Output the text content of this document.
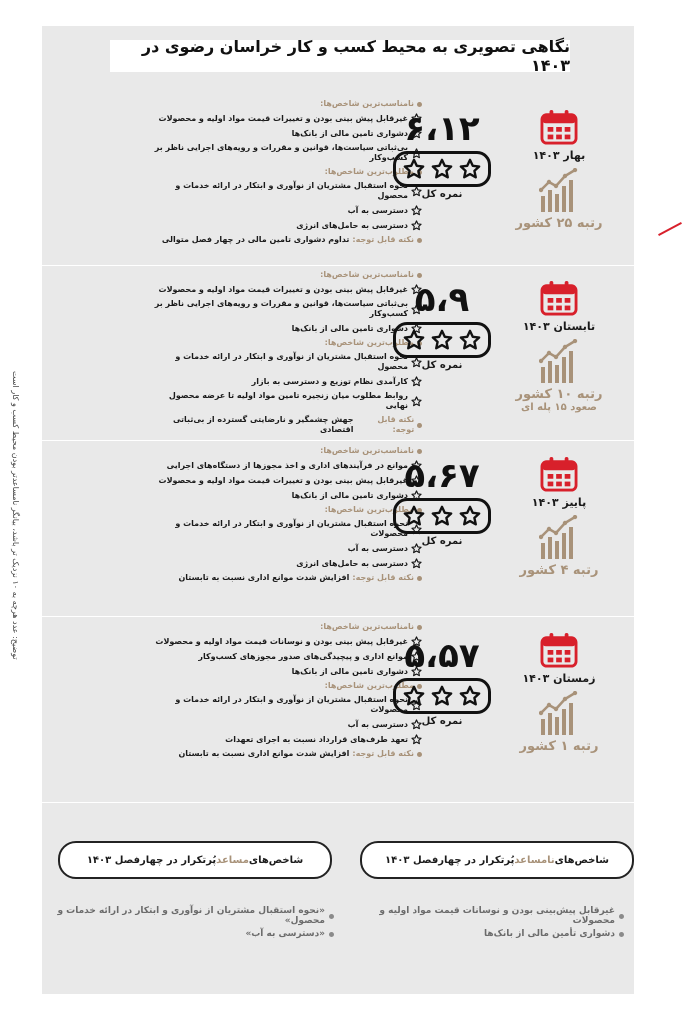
نگاهی تصویری به محیط کسب و کار خراسان رضوی در ۱۴۰۳
توضیح: عدد هرچه به ۱۰ نزدیک تر باشد، بیانگر نامساعدتر بودن محیط کسب و کار است
نامناسب‌ترین شاخص‌ها:
غیرقابل پیش بینی بودن و تغییرات قیمت مواد اولیه و محصولات
دشواری تامین مالی از بانک‌ها
بی‌ثباتی سیاست‌ها، قوانین و مقررات و رویه‌های اجرایی ناظر بر کسب‌وکار
مطلوب‌ترین شاخص‌ها:
نحوه استقبال مشتریان از نوآوری و ابتکار در ارائه خدمات و محصول
دسترسی به آب
دسترسی به حامل‌های انرژی
نکته قابل توجه:
تداوم دشواری تامین مالی در چهار فصل متوالی
۶،۱۲
نمره کل
بهار ۱۴۰۳
رتبه ۲۵ کشور
نامناسب‌ترین شاخص‌ها:
غیرقابل پیش بینی بودن و تغییرات قیمت مواد اولیه و محصولات
بی‌ثباتی سیاست‌ها، قوانین و مقررات و رویه‌های اجرایی ناظر بر کسب‌وکار
دشواری تامین مالی از بانک‌ها
مطلوب‌ترین شاخص‌ها:
نحوه استقبال مشتریان از نوآوری و ابتکار در ارائه خدمات و محصول
کارآمدی نظام توزیع و دسترسی به بازار
روابط مطلوب میان زنجیره تامین مواد اولیه تا عرضه محصول نهایی
نکته قابل توجه:
جهش چشمگیر و نارضایتی گسترده از بی‌ثباتی اقتصادی
۵،۹
نمره کل
تابستان ۱۴۰۳
رتبه ۱۰ کشور
صعود ۱۵ پله ای
نامناسب‌ترین شاخص‌ها:
موانع در فرآیندهای اداری و اخذ مجوزها از دستگاه‌های اجرایی
غیرقابل پیش بینی بودن و تغییرات قیمت مواد اولیه و محصولات
دشواری تامین مالی از بانک‌ها
مطلوب‌ترین شاخص‌ها:
نحوه استقبال مشتریان از نوآوری و ابتکار در ارائه خدمات و محصولات
دسترسی به آب
دسترسی به حامل‌های انرژی
نکته قابل توجه:
افزایش شدت موانع اداری نسبت به تابستان
۵،۶۷
نمره کل
پاییز ۱۴۰۳
رتبه ۴ کشور
نامناسب‌ترین شاخص‌ها:
غیرقابل پیش بینی بودن و نوسانات قیمت مواد اولیه و محصولات
موانع اداری و پیچیدگی‌های صدور مجوزهای کسب‌وکار
دشواری تامین مالی از بانک‌ها
مطلوب‌ترین شاخص‌ها:
نحوه استقبال مشتریان از نوآوری و ابتکار در ارائه خدمات و محصولات
دسترسی به آب
تعهد طرف‌های قرارداد نسبت به اجرای تعهدات
نکته قابل توجه:
افزایش شدت موانع اداری نسبت به تابستان
۵،۵۷
نمره کل
زمستان ۱۴۰۳
رتبه ۱ کشور
شاخص‌های
نامساعد
پُرتکرار در چهارفصل ۱۴۰۳
شاخص‌های
مساعد
پُرتکرار در چهارفصل ۱۴۰۳
غیرقابل پیش‌بینی بودن و نوسانات قیمت مواد اولیه و محصولات
دشواری تأمین مالی از بانک‌ها
«نحوه استقبال مشتریان از نوآوری و ابتکار در ارائه خدمات و محصول»
«دسترسی به آب»
